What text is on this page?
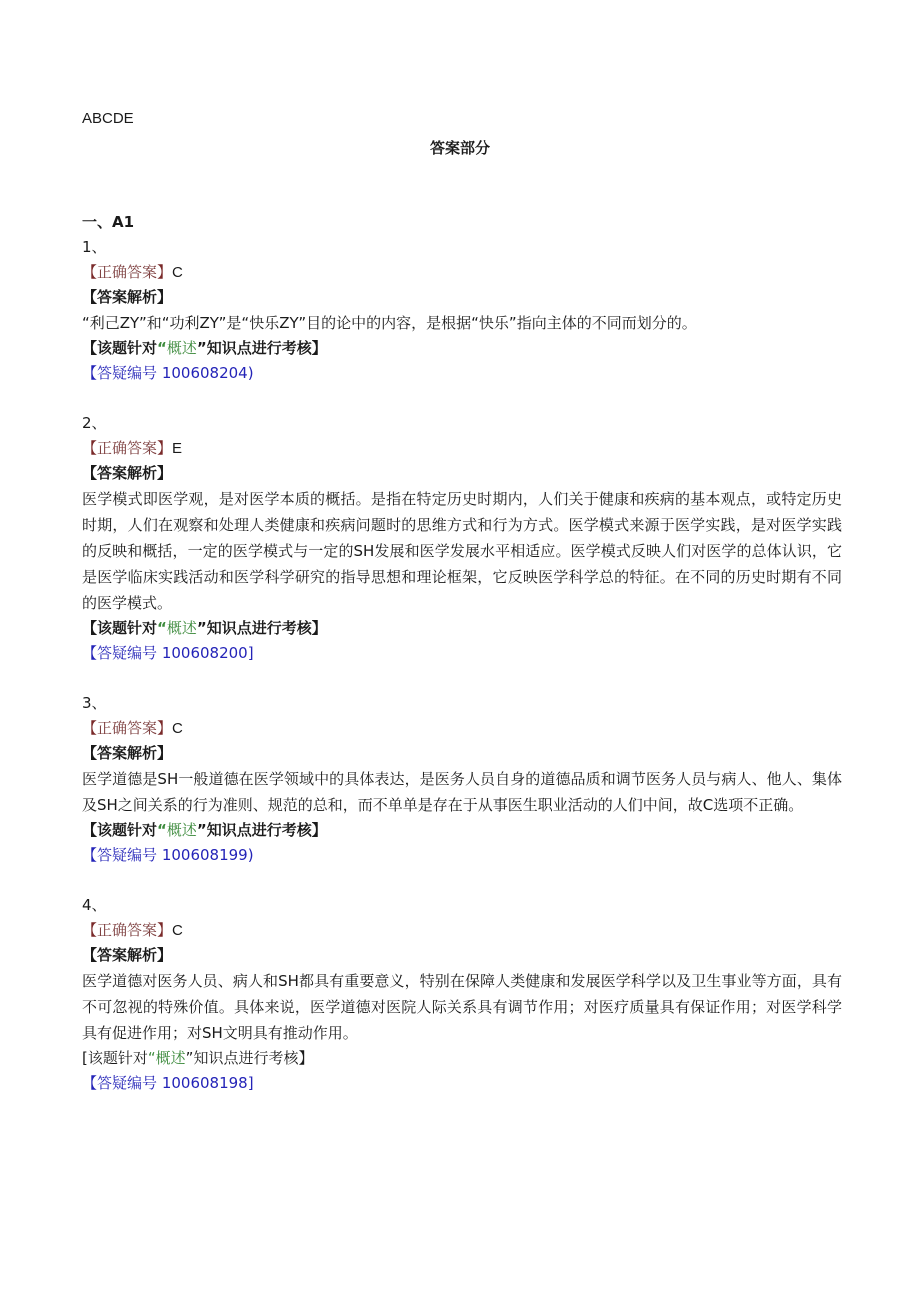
ABCDE
答案部分

一、A1

1、

【正确答案】C

【答案解析】

“利己ZY”和“功利ZY”是“快乐ZY”目的论中的内容，是根据“快乐”指向主体的不同而划分的。

【该题针对“概述”知识点进行考核】

【答疑编号 100608204)

2、

【正确答案】E

【答案解析】

医学模式即医学观，是对医学本质的概括。是指在特定历史时期内，人们关于健康和疾病的基本观点，或特定历史时期，人们在观察和处理人类健康和疾病问题时的思维方式和行为方式。医学模式来源于医学实践，是对医学实践的反映和概括，一定的医学模式与一定的SH发展和医学发展水平相适应。医学模式反映人们对医学的总体认识，它是医学临床实践活动和医学科学研究的指导思想和理论框架，它反映医学科学总的特征。在不同的历史时期有不同的医学模式。

【该题针对“概述”知识点进行考核】

【答疑编号 100608200]

3、

【正确答案】C

【答案解析】

医学道德是SH一般道德在医学领域中的具体表达，是医务人员自身的道德品质和调节医务人员与病人、他人、集体及SH之间关系的行为准则、规范的总和，而不单单是存在于从事医生职业活动的人们中间，故C选项不正确。

【该题针对“概述”知识点进行考核】

【答疑编号 100608199)

4、

【正确答案】C

【答案解析】

医学道德对医务人员、病人和SH都具有重要意义，特别在保障人类健康和发展医学科学以及卫生事业等方面，具有不可忽视的特殊价值。具体来说，医学道德对医院人际关系具有调节作用；对医疗质量具有保证作用；对医学科学具有促进作用；对SH文明具有推动作用。

[该题针对“概述”知识点进行考核】

【答疑编号 100608198]
